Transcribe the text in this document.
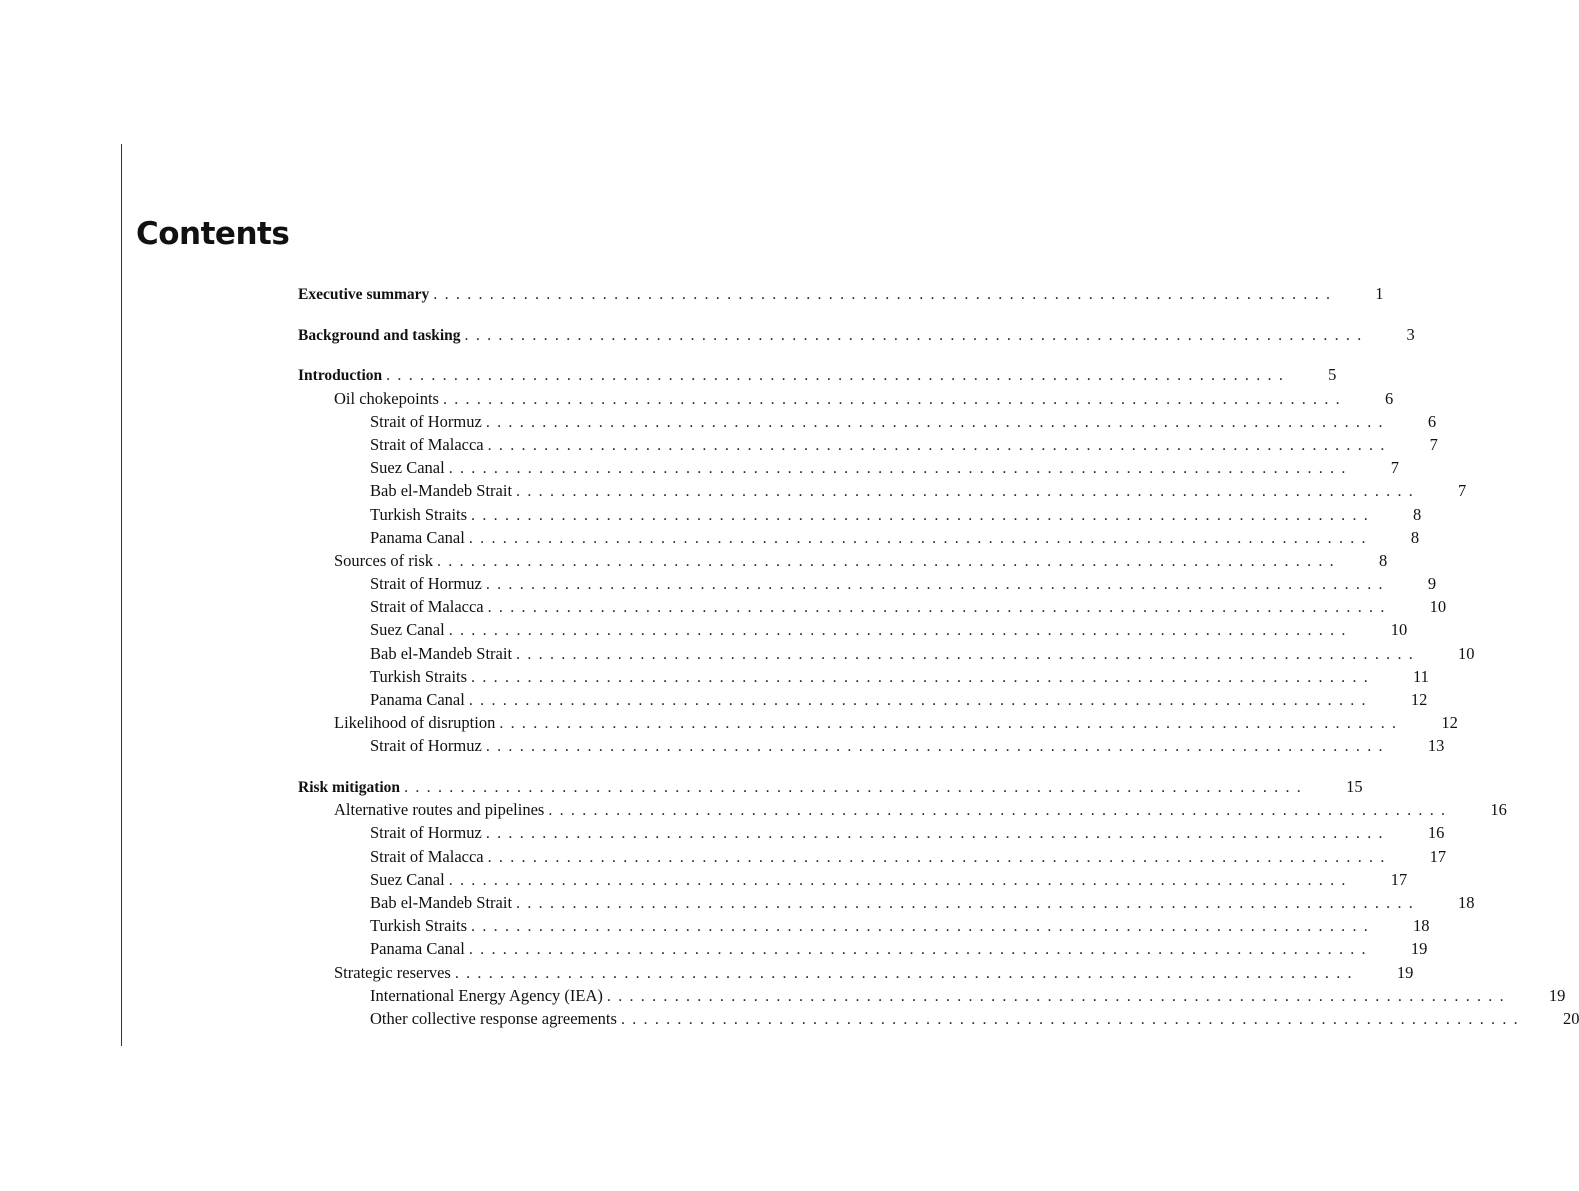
Contents
Executive summary ................................................................................ 1
Background and tasking ................................................................................ 3
Introduction ................................................................................ 5
Oil chokepoints ................................................................................ 6
Strait of Hormuz ................................................................................ 6
Strait of Malacca ................................................................................ 7
Suez Canal ................................................................................ 7
Bab el-Mandeb Strait ................................................................................ 7
Turkish Straits ................................................................................ 8
Panama Canal ................................................................................ 8
Sources of risk ................................................................................ 8
Strait of Hormuz ................................................................................ 9
Strait of Malacca ................................................................................ 10
Suez Canal ................................................................................ 10
Bab el-Mandeb Strait ................................................................................ 10
Turkish Straits ................................................................................ 11
Panama Canal ................................................................................ 12
Likelihood of disruption ................................................................................ 12
Strait of Hormuz ................................................................................ 13
Risk mitigation ................................................................................ 15
Alternative routes and pipelines ................................................................................ 16
Strait of Hormuz ................................................................................ 16
Strait of Malacca ................................................................................ 17
Suez Canal ................................................................................ 17
Bab el-Mandeb Strait ................................................................................ 18
Turkish Straits ................................................................................ 18
Panama Canal ................................................................................ 19
Strategic reserves ................................................................................ 19
International Energy Agency (IEA) ................................................................................ 19
Other collective response agreements ................................................................................ 20
